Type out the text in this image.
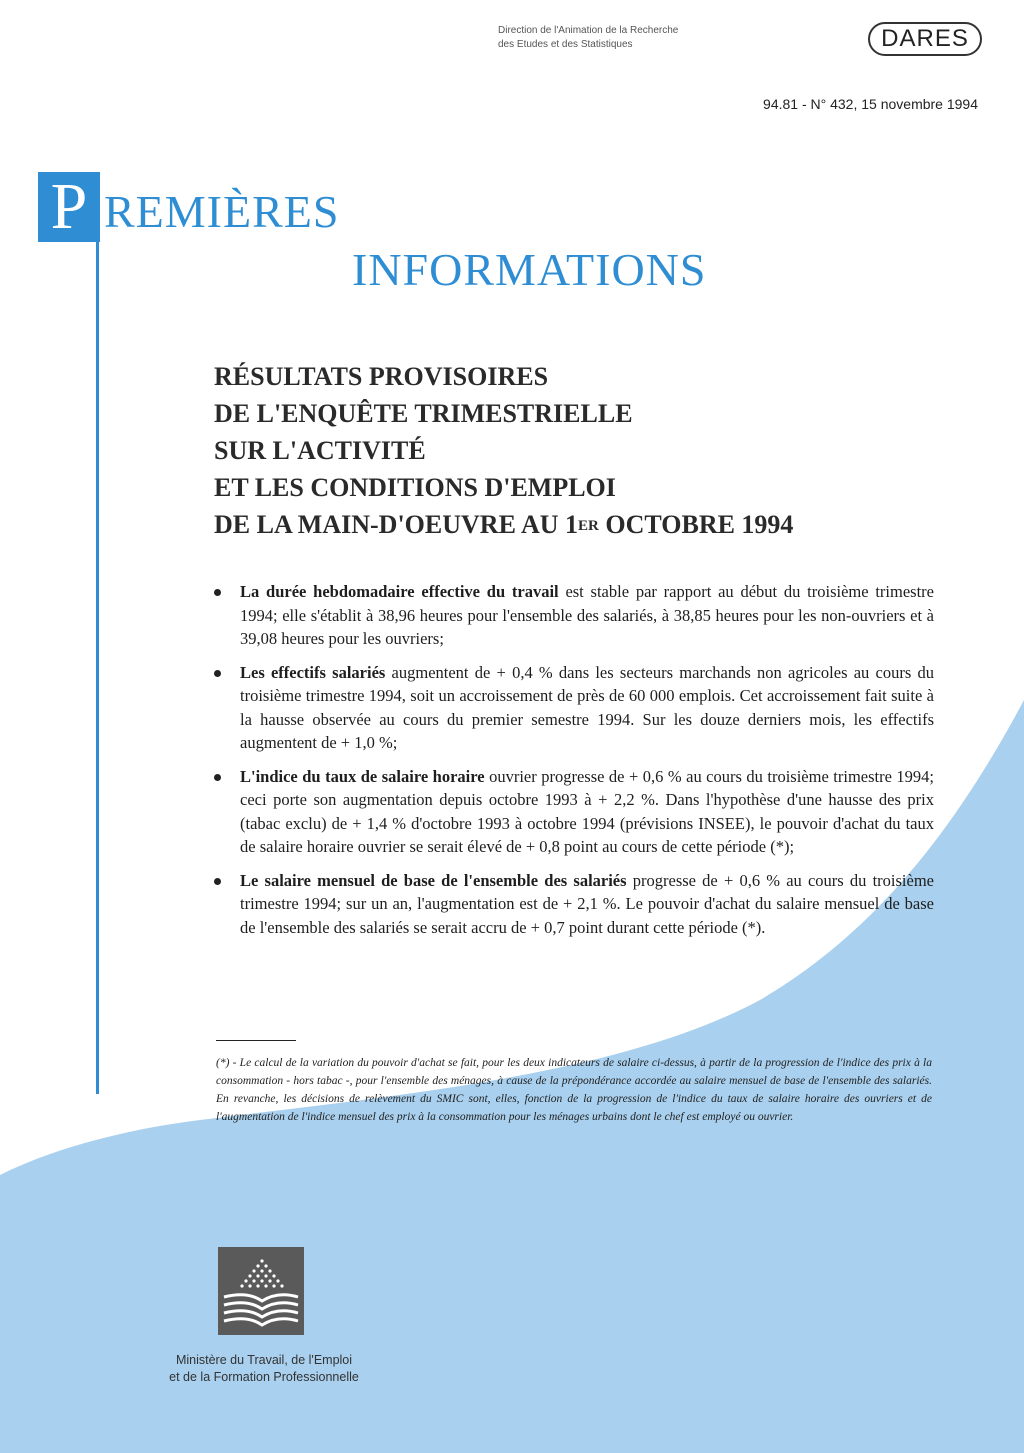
Direction de l'Animation de la Recherche
des Etudes et des Statistiques	DARES
94.81 - N° 432, 15 novembre 1994
P REMIÈRES
INFORMATIONS
RÉSULTATS PROVISOIRES
DE L'ENQUÊTE TRIMESTRIELLE
SUR L'ACTIVITÉ
ET LES CONDITIONS D'EMPLOI
DE LA MAIN-D'OEUVRE AU 1ER OCTOBRE 1994
La durée hebdomadaire effective du travail est stable par rapport au début du troisième trimestre 1994; elle s'établit à 38,96 heures pour l'ensemble des salariés, à 38,85 heures pour les non-ouvriers et à 39,08 heures pour les ouvriers;
Les effectifs salariés augmentent de + 0,4 % dans les secteurs marchands non agricoles au cours du troisième trimestre 1994, soit un accroissement de près de 60 000 emplois. Cet accroissement fait suite à la hausse observée au cours du premier semestre 1994. Sur les douze derniers mois, les effectifs augmentent de + 1,0 %;
L'indice du taux de salaire horaire ouvrier progresse de + 0,6 % au cours du troisième trimestre 1994; ceci porte son augmentation depuis octobre 1993 à + 2,2 %. Dans l'hypothèse d'une hausse des prix (tabac exclu) de + 1,4 % d'octobre 1993 à octobre 1994 (prévisions INSEE), le pouvoir d'achat du taux de salaire horaire ouvrier se serait élevé de + 0,8 point au cours de cette période (*);
Le salaire mensuel de base de l'ensemble des salariés progresse de + 0,6 % au cours du troisième trimestre 1994; sur un an, l'augmentation est de + 2,1 %. Le pouvoir d'achat du salaire mensuel de base de l'ensemble des salariés se serait accru de + 0,7 point durant cette période (*).

(*) - Le calcul de la variation du pouvoir d'achat se fait, pour les deux indicateurs de salaire ci-dessus, à partir de la progression de l'indice des prix à la consommation - hors tabac -, pour l'ensemble des ménages, à cause de la prépondérance accordée au salaire mensuel de base de l'ensemble des salariés. En revanche, les décisions de relèvement du SMIC sont, elles, fonction de la progression de l'indice du taux de salaire horaire des ouvriers et de l'augmentation de l'indice mensuel des prix à la consommation pour les ménages urbains dont le chef est employé ou ouvrier.

Ministère du Travail, de l'Emploi
et de la Formation Professionnelle
